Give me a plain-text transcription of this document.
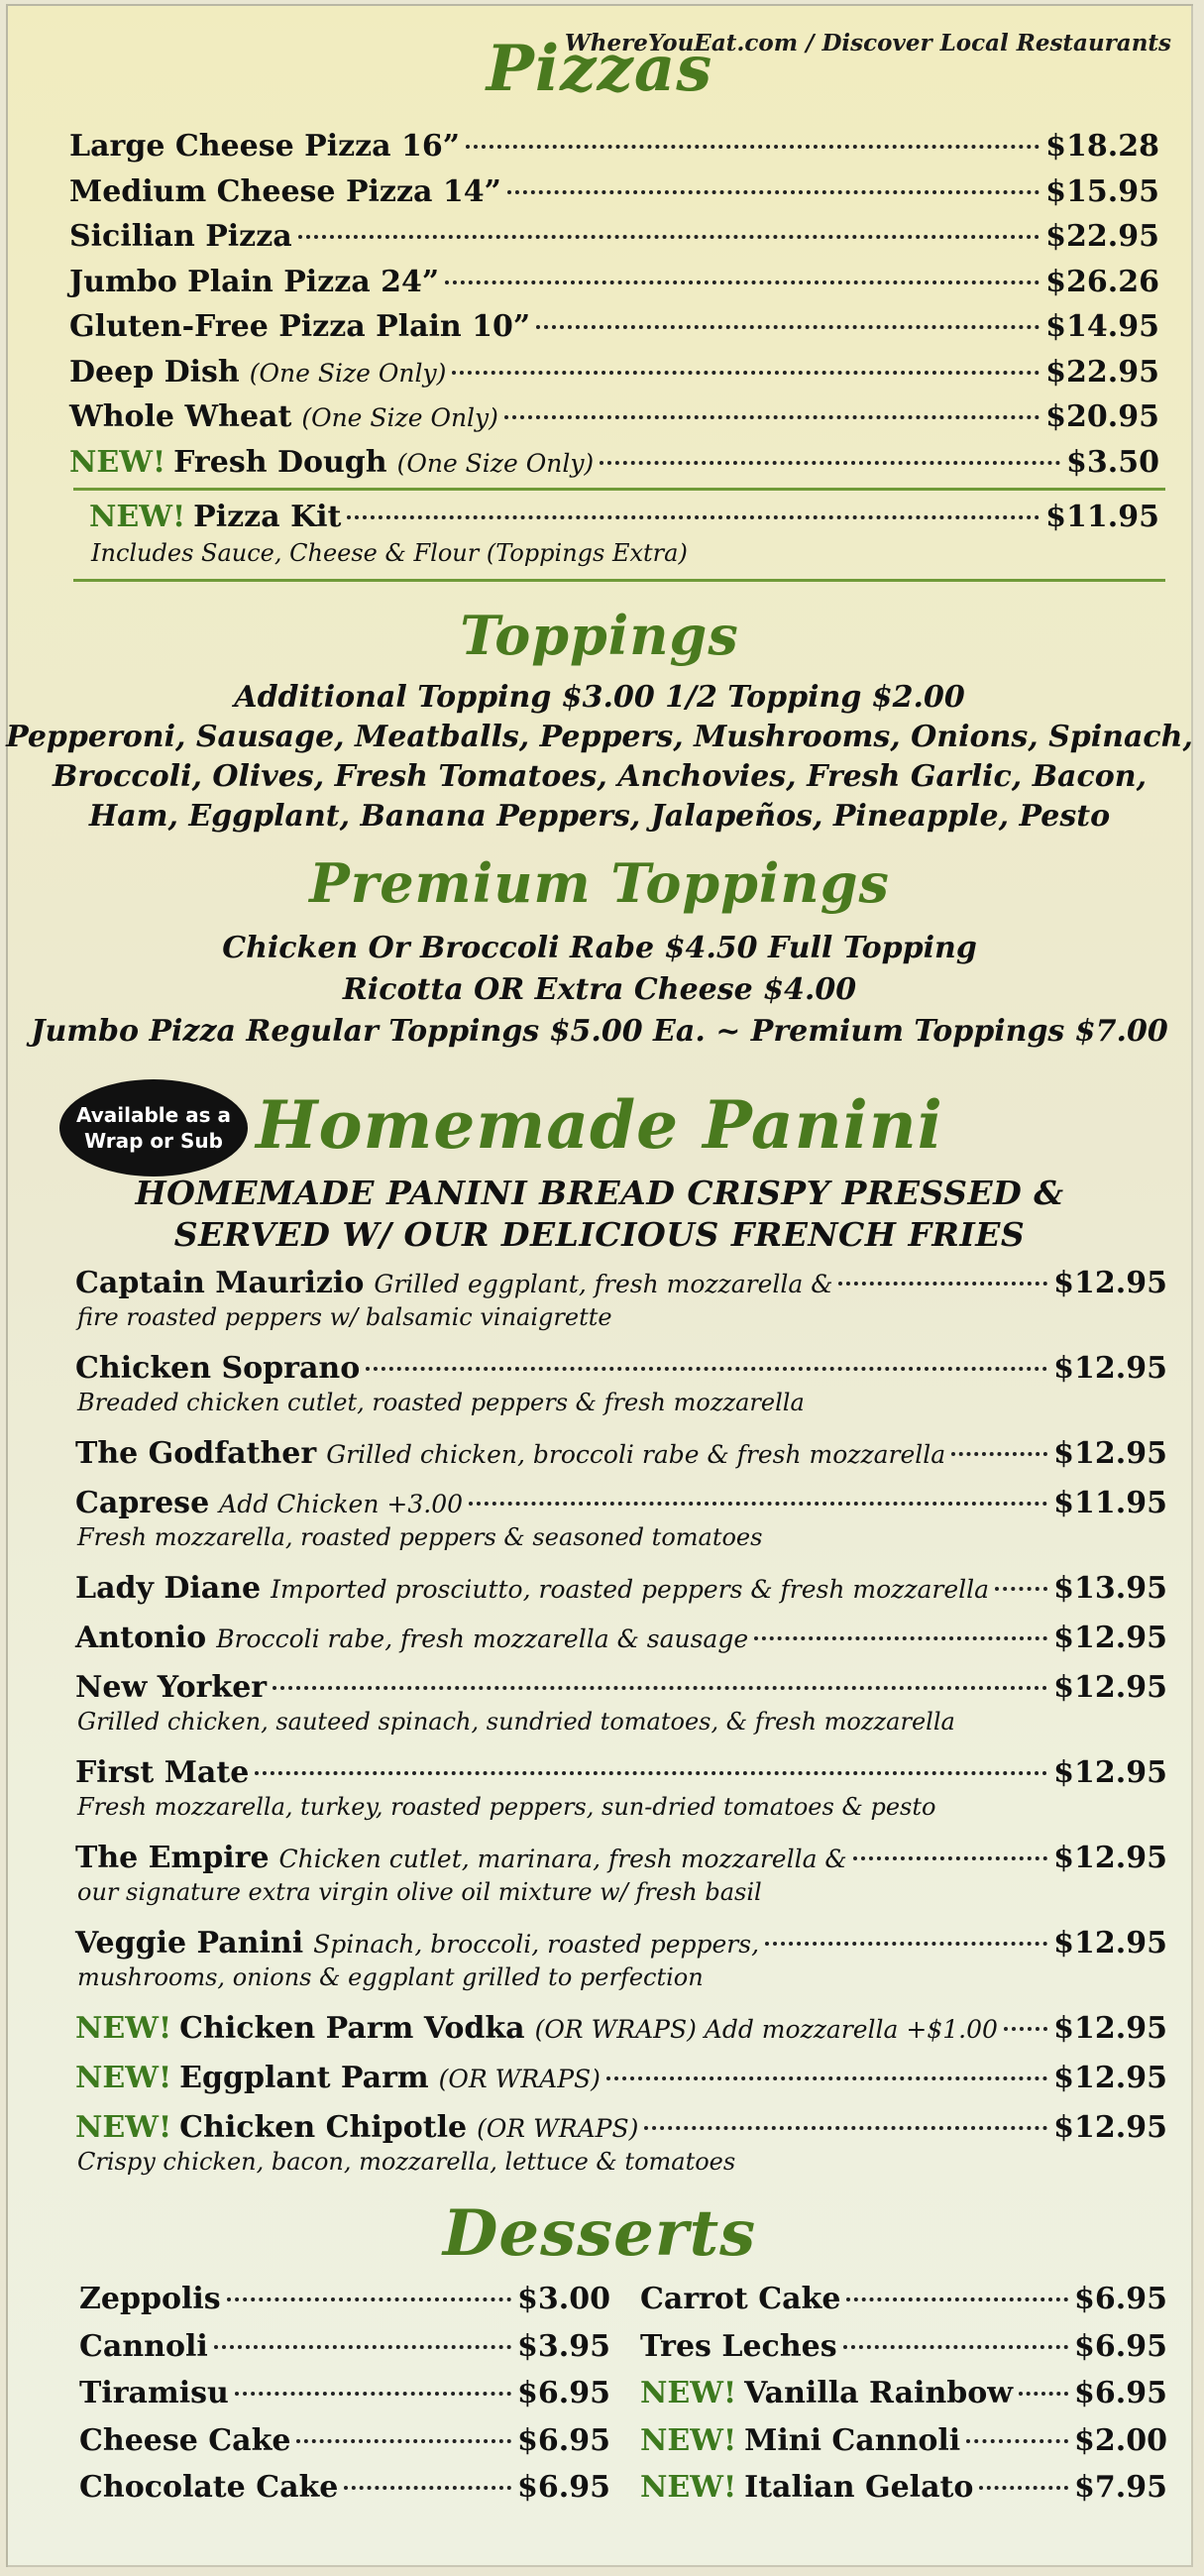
WhereYouEat.com / Discover Local Restaurants
Pizzas
Large Cheese Pizza 16”	$18.28
Medium Cheese Pizza 14”	$15.95
Sicilian Pizza	$22.95
Jumbo Plain Pizza 24”	$26.26
Gluten-Free Pizza Plain 10”	$14.95
Deep Dish (One Size Only)	$22.95
Whole Wheat (One Size Only)	$20.95
NEW! Fresh Dough (One Size Only)	$3.50
NEW! Pizza Kit	$11.95
Includes Sauce, Cheese & Flour (Toppings Extra)
Toppings
Additional Topping $3.00 1/2 Topping $2.00
Pepperoni, Sausage, Meatballs, Peppers, Mushrooms, Onions, Spinach,
Broccoli, Olives, Fresh Tomatoes, Anchovies, Fresh Garlic, Bacon,
Ham, Eggplant, Banana Peppers, Jalapeños, Pineapple, Pesto
Premium Toppings
Chicken Or Broccoli Rabe $4.50 Full Topping
Ricotta OR Extra Cheese $4.00
Jumbo Pizza Regular Toppings $5.00 Ea. ~ Premium Toppings $7.00
Available as a
Wrap or Sub Homemade Panini
HOMEMADE PANINI BREAD CRISPY PRESSED &
SERVED W/ OUR DELICIOUS FRENCH FRIES
Captain Maurizio Grilled eggplant, fresh mozzarella &	$12.95
fire roasted peppers w/ balsamic vinaigrette
Chicken Soprano	$12.95
Breaded chicken cutlet, roasted peppers & fresh mozzarella
The Godfather Grilled chicken, broccoli rabe & fresh mozzarella	$12.95
Caprese Add Chicken +3.00	$11.95
Fresh mozzarella, roasted peppers & seasoned tomatoes
Lady Diane Imported prosciutto, roasted peppers & fresh mozzarella $13.95
Antonio Broccoli rabe, fresh mozzarella & sausage	$12.95
New Yorker	$12.95
Grilled chicken, sauteed spinach, sundried tomatoes, & fresh mozzarella
First Mate	$12.95
Fresh mozzarella, turkey, roasted peppers, sun-dried tomatoes & pesto
The Empire Chicken cutlet, marinara, fresh mozzarella &	$12.95
our signature extra virgin olive oil mixture w/ fresh basil
Veggie Panini Spinach, broccoli, roasted peppers,	$12.95
mushrooms, onions & eggplant grilled to perfection
NEW! Chicken Parm Vodka (OR WRAPS) Add mozzarella +$1.00 $12.95
NEW! Eggplant Parm (OR WRAPS)	$12.95
NEW! Chicken Chipotle (OR WRAPS)	$12.95
Crispy chicken, bacon, mozzarella, lettuce & tomatoes
Desserts
Zeppolis	$3.00
Cannoli	$3.95
Tiramisu	$6.95
Cheese Cake	$6.95
Chocolate Cake	$6.95
Carrot Cake	$6.95
Tres Leches	$6.95
NEW! Vanilla Rainbow $6.95
NEW! Mini Cannoli	$2.00
NEW! Italian Gelato	$7.95
